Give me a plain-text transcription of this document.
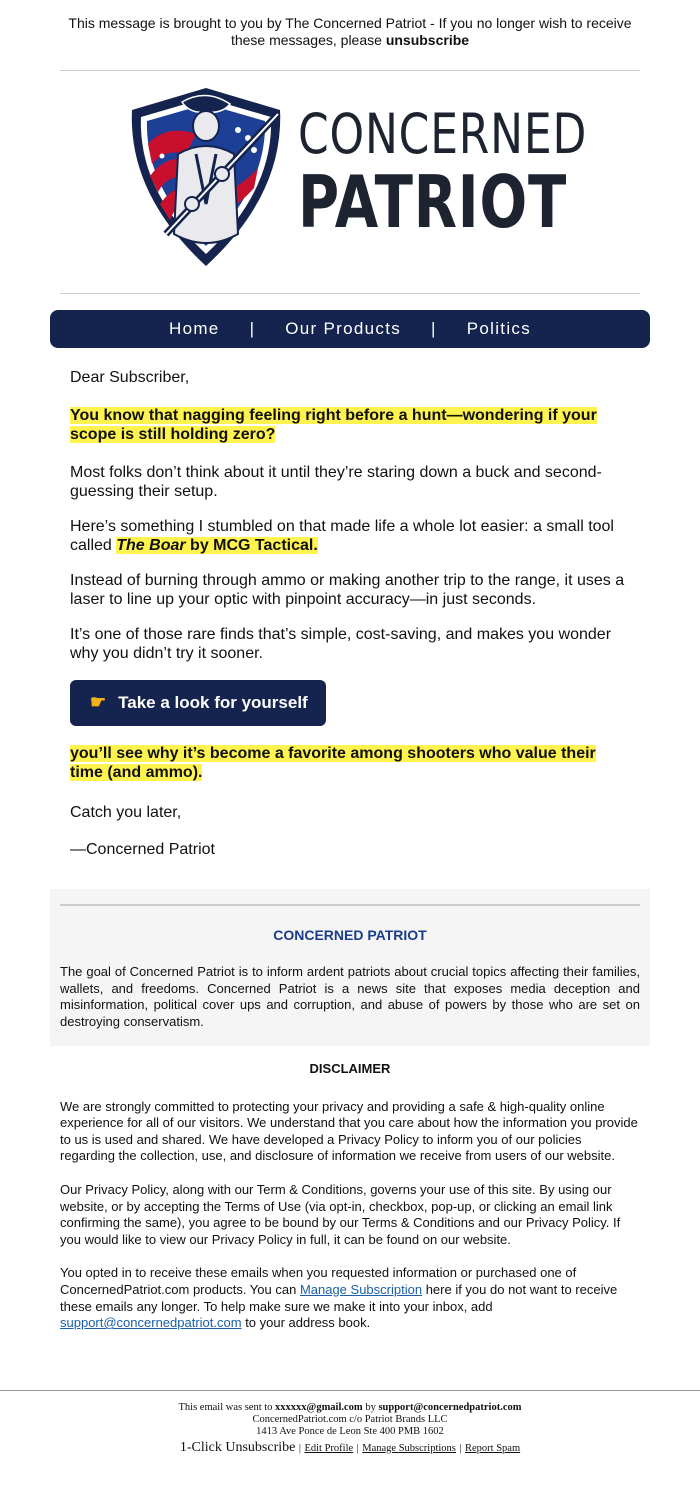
This message is brought to you by The Concerned Patriot - If you no longer wish to receive these messages, please unsubscribe
CONCERNED
PATRIOT
Home | Our Products | Politics

Dear Subscriber,

You know that nagging feeling right before a hunt—wondering if your scope is still holding zero?

Most folks don’t think about it until they’re staring down a buck and second-guessing their setup.

Here’s something I stumbled on that made life a whole lot easier: a small tool called The Boar by MCG Tactical.

Instead of burning through ammo or making another trip to the range, it uses a laser to line up your optic with pinpoint accuracy—in just seconds.

It’s one of those rare finds that’s simple, cost-saving, and makes you wonder why you didn’t try it sooner.

☛ Take a look for yourself

you’ll see why it’s become a favorite among shooters who value their time (and ammo).

Catch you later,

—Concerned Patriot

CONCERNED PATRIOT

The goal of Concerned Patriot is to inform ardent patriots about crucial topics affecting their families, wallets, and freedoms. Concerned Patriot is a news site that exposes media deception and misinformation, political cover ups and corruption, and abuse of powers by those who are set on destroying conservatism.

DISCLAIMER

We are strongly committed to protecting your privacy and providing a safe & high-quality online experience for all of our visitors. We understand that you care about how the information you provide to us is used and shared. We have developed a Privacy Policy to inform you of our policies regarding the collection, use, and disclosure of information we receive from users of our website.

Our Privacy Policy, along with our Term & Conditions, governs your use of this site. By using our website, or by accepting the Terms of Use (via opt-in, checkbox, pop-up, or clicking an email link confirming the same), you agree to be bound by our Terms & Conditions and our Privacy Policy. If you would like to view our Privacy Policy in full, it can be found on our website.

You opted in to receive these emails when you requested information or purchased one of ConcernedPatriot.com products. You can Manage Subscription here if you do not want to receive these emails any longer. To help make sure we make it into your inbox, add support@concernedpatriot.com to your address book.

This email was sent to xxxxxx@gmail.com by support@concernedpatriot.com
ConcernedPatriot.com c/o Patriot Brands LLC
1413 Ave Ponce de Leon Ste 400 PMB 1602
1-Click Unsubscribe | Edit Profile | Manage Subscriptions | Report Spam
